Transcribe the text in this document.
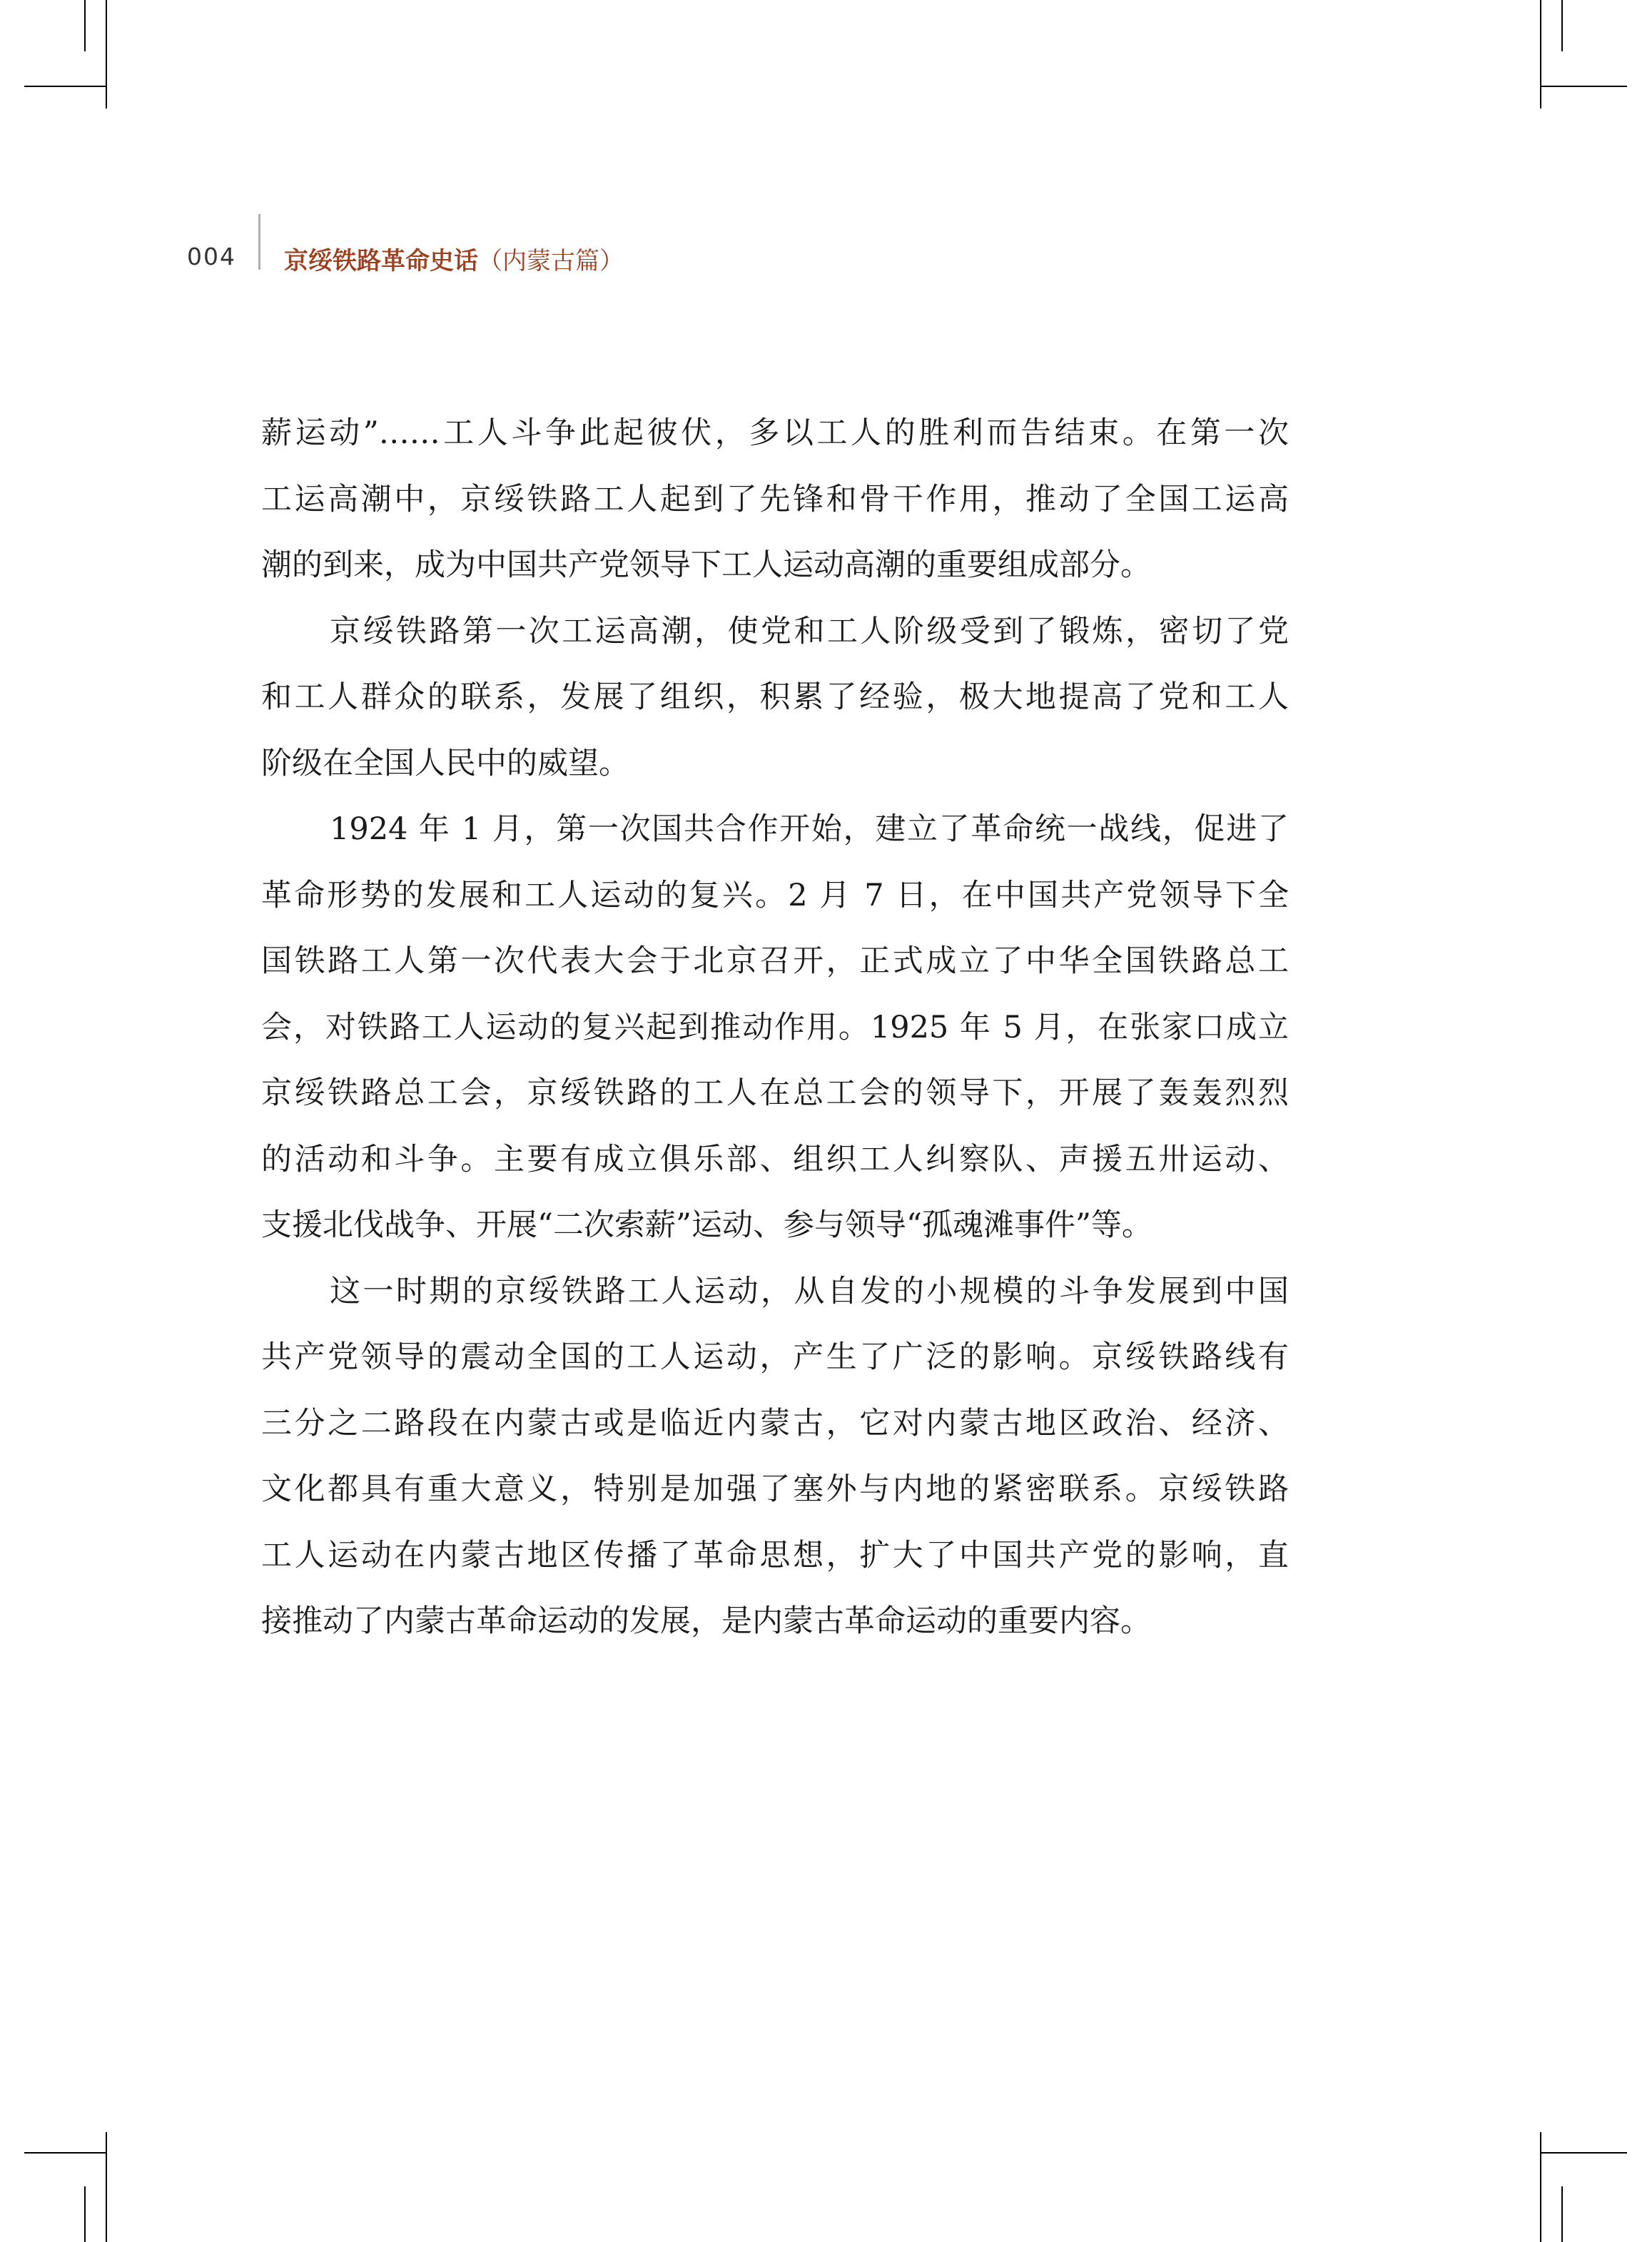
004 京绥铁路革命史话（内蒙古篇）
薪运动”……工人斗争此起彼伏，多以工人的胜利而告结束。在第一次
工运高潮中，京绥铁路工人起到了先锋和骨干作用，推动了全国工运高
潮的到来，成为中国共产党领导下工人运动高潮的重要组成部分。
京绥铁路第一次工运高潮，使党和工人阶级受到了锻炼，密切了党
和工人群众的联系，发展了组织，积累了经验，极大地提高了党和工人
阶级在全国人民中的威望。
1924 年 1 月，第一次国共合作开始，建立了革命统一战线，促进了
革命形势的发展和工人运动的复兴。2 月 7 日，在中国共产党领导下全
国铁路工人第一次代表大会于北京召开，正式成立了中华全国铁路总工
会，对铁路工人运动的复兴起到推动作用。1925 年 5 月，在张家口成立
京绥铁路总工会，京绥铁路的工人在总工会的领导下，开展了轰轰烈烈
的活动和斗争。主要有成立俱乐部、组织工人纠察队、声援五卅运动、
支援北伐战争、开展“二次索薪”运动、参与领导“孤魂滩事件”等。
这一时期的京绥铁路工人运动，从自发的小规模的斗争发展到中国
共产党领导的震动全国的工人运动，产生了广泛的影响。京绥铁路线有
三分之二路段在内蒙古或是临近内蒙古，它对内蒙古地区政治、经济、
文化都具有重大意义，特别是加强了塞外与内地的紧密联系。京绥铁路
工人运动在内蒙古地区传播了革命思想，扩大了中国共产党的影响，直
接推动了内蒙古革命运动的发展，是内蒙古革命运动的重要内容。
